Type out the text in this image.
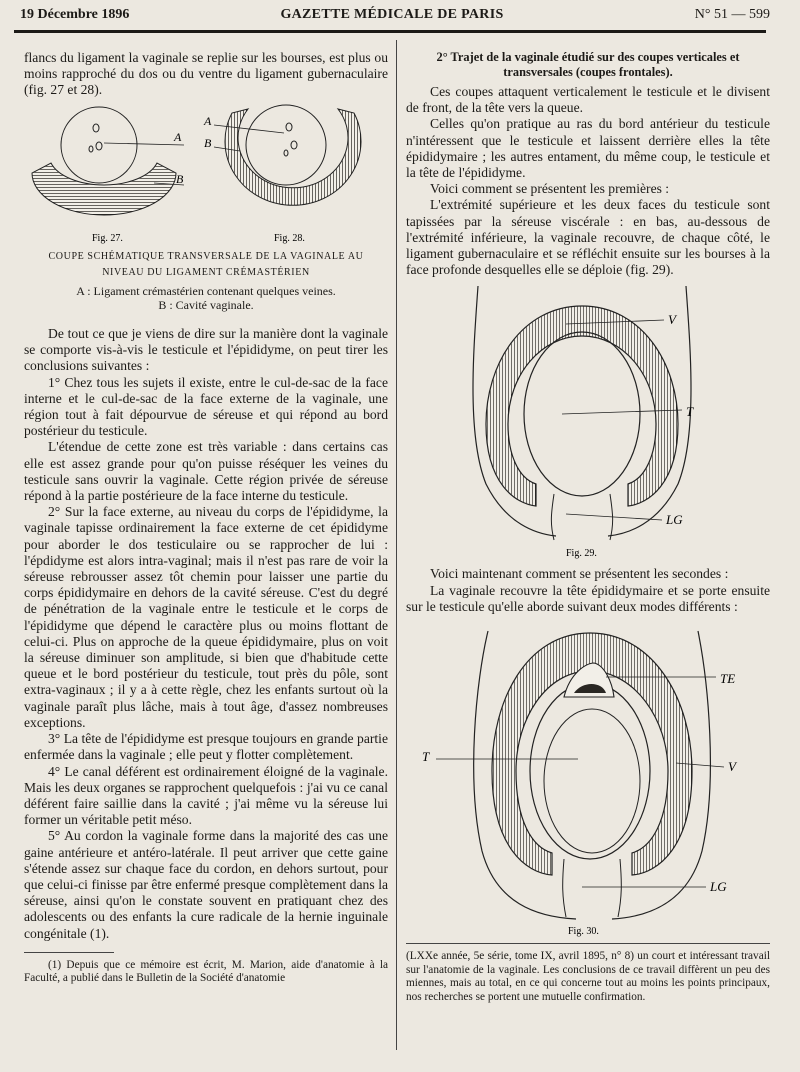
19 Décembre 1896	GAZETTE MÉDICALE DE PARIS	N° 51 — 599

flancs du ligament la vaginale se replie sur les bourses, est plus ou moins rapproché du dos ou du ventre du ligament gubernaculaire (fig. 27 et 28).

A
B
Fig. 27.
A
B
Fig. 28.
COUPE SCHÉMATIQUE TRANSVERSALE DE LA VAGINALE AU NIVEAU DU LIGAMENT CRÉMASTÉRIEN
A : Ligament crémastérien contenant quelques veines.
B : Cavité vaginale.

De tout ce que je viens de dire sur la manière dont la vaginale se comporte vis-à-vis le testicule et l'épididyme, on peut tirer les conclusions suivantes :

1° Chez tous les sujets il existe, entre le cul-de-sac de la face interne et le cul-de-sac de la face externe de la vaginale, une région tout à fait dépourvue de séreuse et qui répond au bord postérieur du testicule.

L'étendue de cette zone est très variable : dans certains cas elle est assez grande pour qu'on puisse réséquer les veines du testicule sans ouvrir la vaginale. Cette région privée de séreuse répond à la partie postérieure de la face interne du testicule.

2° Sur la face externe, au niveau du corps de l'épididyme, la vaginale tapisse ordinairement la face externe de cet épididyme pour aborder le dos testiculaire ou se rapprocher de lui : l'épdidyme est alors intra-vaginal; mais il n'est pas rare de voir la séreuse rebrousser assez tôt chemin pour laisser une partie du corps épididymaire en dehors de la cavité séreuse. C'est du degré de pénétration de la vaginale entre le testicule et le corps de l'épididyme que dépend le caractère plus ou moins flottant de celui-ci. Plus on approche de la queue épididymaire, plus on voit la séreuse diminuer son amplitude, si bien que d'habitude cette queue et le bord postérieur du testicule, tout près du pôle, sont extra-vaginaux ; il y a à cette règle, chez les enfants surtout où la vaginale paraît plus lâche, mais à tout âge, d'assez nombreuses exceptions.

3° La tête de l'épididyme est presque toujours en grande partie enfermée dans la vaginale ; elle peut y flotter complètement.

4° Le canal déférent est ordinairement éloigné de la vaginale. Mais les deux organes se rapprochent quelquefois : j'ai vu ce canal déférent faire saillie dans la cavité ; j'ai même vu la séreuse lui former un véritable petit méso.

5° Au cordon la vaginale forme dans la majorité des cas une gaine antérieure et antéro-latérale. Il peut arriver que cette gaine s'étende assez sur chaque face du cordon, en dehors surtout, pour que celui-ci finisse par être enfermé presque complètement dans la séreuse, ainsi qu'on le constate souvent en pratiquant chez des adolescents ou des enfants la cure radicale de la hernie inguinale congénitale (1).

(1) Depuis que ce mémoire est écrit, M. Marion, aide d'anatomie à la Faculté, a publié dans le Bulletin de la Société d'anatomie

2° Trajet de la vaginale étudié sur des coupes verticales et transversales (coupes frontales).

Ces coupes attaquent verticalement le testicule et le divisent de front, de la tête vers la queue.

Celles qu'on pratique au ras du bord antérieur du testicule n'intéressent que le testicule et laissent derrière elles la tête épididymaire ; les autres entament, du même coup, le testicule et la tête de l'épididyme.

Voici comment se présentent les premières :

L'extrémité supérieure et les deux faces du testicule sont tapissées par la séreuse viscérale : en bas, au-dessous de l'extrémité inférieure, la vaginale recouvre, de chaque côté, le ligament gubernaculaire et se réfléchit ensuite sur les bourses à la face profonde desquelles elle se déploie (fig. 29).

V
T
LG
Fig. 29.

Voici maintenant comment se présentent les secondes :

La vaginale recouvre la tête épididymaire et se porte ensuite sur le testicule qu'elle aborde suivant deux modes différents :

TE
T
V
LG
Fig. 30.

(LXXe année, 5e série, tome IX, avril 1895, n° 8) un court et intéressant travail sur l'anatomie de la vaginale. Les conclusions de ce travail diffèrent un peu des miennes, mais au total, en ce qui concerne tout au moins les points principaux, nos recherches se portent une mutuelle confirmation.
